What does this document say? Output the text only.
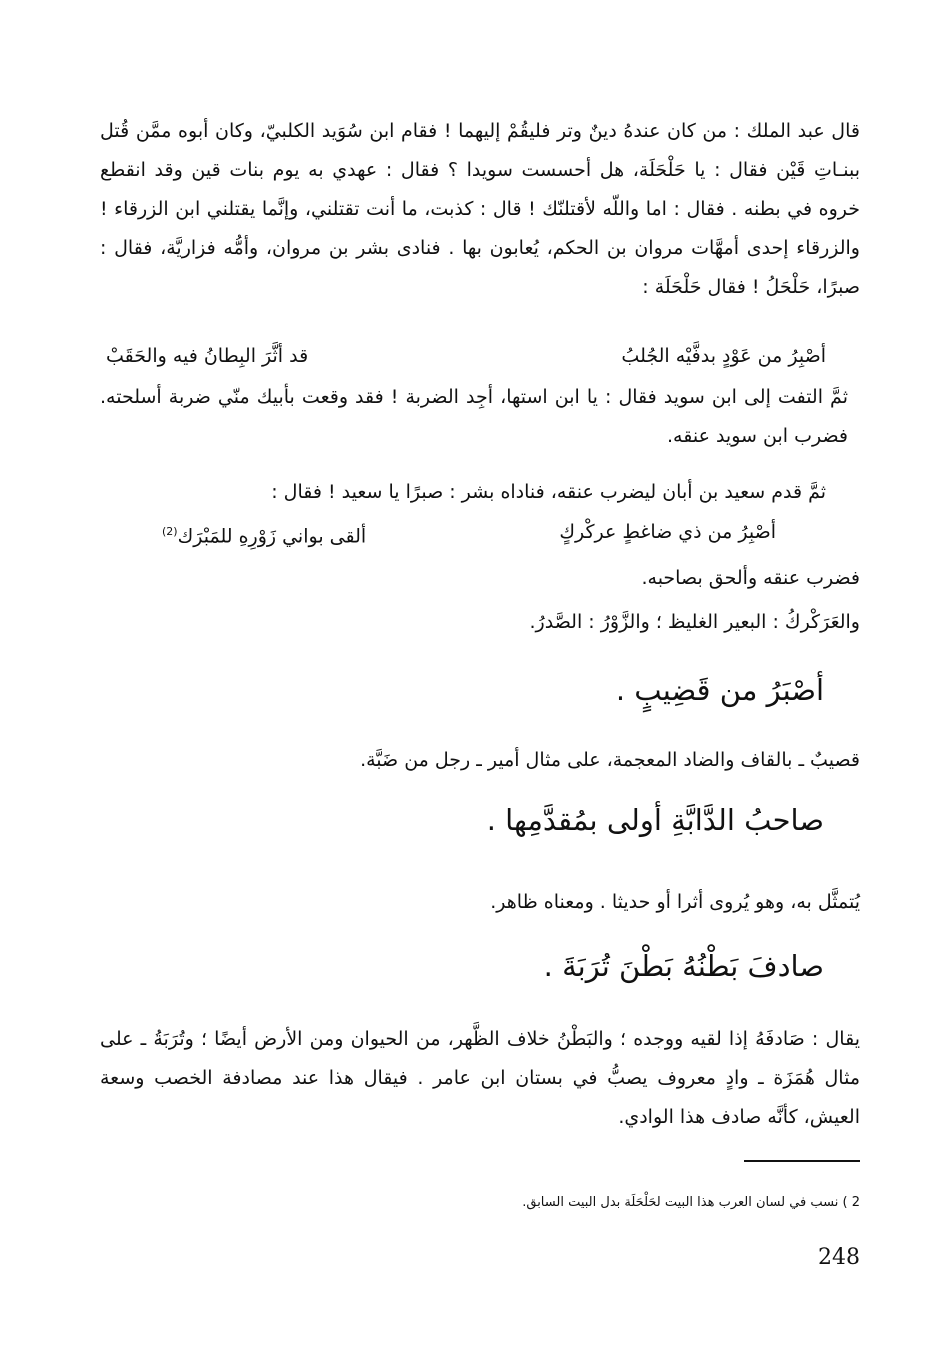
قال عبد الملك : من كان عندهُ دينٌ وتر فليقُمْ إليهما ! فقام ابن سُوَيد الكلبيّ، وكان أبوه ممَّن قُتل ببنـاتِ قَيْن فقال : يا حَلْحَلَة، هل أحسست سويدا ؟ فقال : عهدي به يوم بنات قين وقد انقطع خروه في بطنه . فقال : اما واللّه لأقتلنّك ! قال : كذبت، ما أنت تقتلني، وإنَّما يقتلني ابن الزرقاء ! والزرقاء إحدى أمهَّات مروان بن الحكم، يُعابون بها . فنادى بشر بن مروان، وأمُّه فزاريَّة، فقال : صبرًا، حَلْحَلُ ! فقال حَلْحَلَة :
أصْبِرُ من عَوْدٍ بدفَّيْه الجُلبُ
قد أثَّرَ البِطانُ فيه والحَقَبْ
ثمَّ التفت إلى ابن سويد فقال : يا ابن استها، أجِد الضربة ! فقد وقعت بأبيك منّي ضربة أسلحته. فضرب ابن سويد عنقه.
ثمَّ قدم سعيد بن أبان ليضرب عنقه، فناداه بشر : صبرًا يا سعيد ! فقال :
أصْبِرُ من ذي ضاغطٍ عركْركٍ
ألقى بواني زَوْرِهِ للمَبْرَك$^{(2)}$
فضرب عنقه وألحق بصاحبه.
والعَرَكْركُ : البعير الغليظ ؛ والزَّوْرُ : الصَّدرُ.
أصْبَرُ من قَضِيبٍ .
قصيبٌ ـ بالقاف والضاد المعجمة، على مثال أمير ـ رجل من ضَبَّة.
صاحبُ الدَّابَّةِ أولى بمُقدَّمِها .
يُتمثَّل به، وهو يُروى أثرا أو حديثا . ومعناه ظاهر.
صادفَ بَطْنُهُ بَطْنَ تُرَبَةَ .
يقال : صَادفَهُ إذا لقيه ووجده ؛ والبَطْنُ خلاف الظَّهر، من الحيوان ومن الأرض أيضًا ؛ وتُرَبَةُ ـ على مثال هُمَزَة ـ وادٍ معروف يصبُّ في بستان ابن عامر . فيقال هذا عند مصادفة الخصب وسعة العيش، كأنَّه صادف هذا الوادي.
2 ) نسب في لسان العرب هذا البيت لحَلْحَلَة بدل البيت السابق.
248
